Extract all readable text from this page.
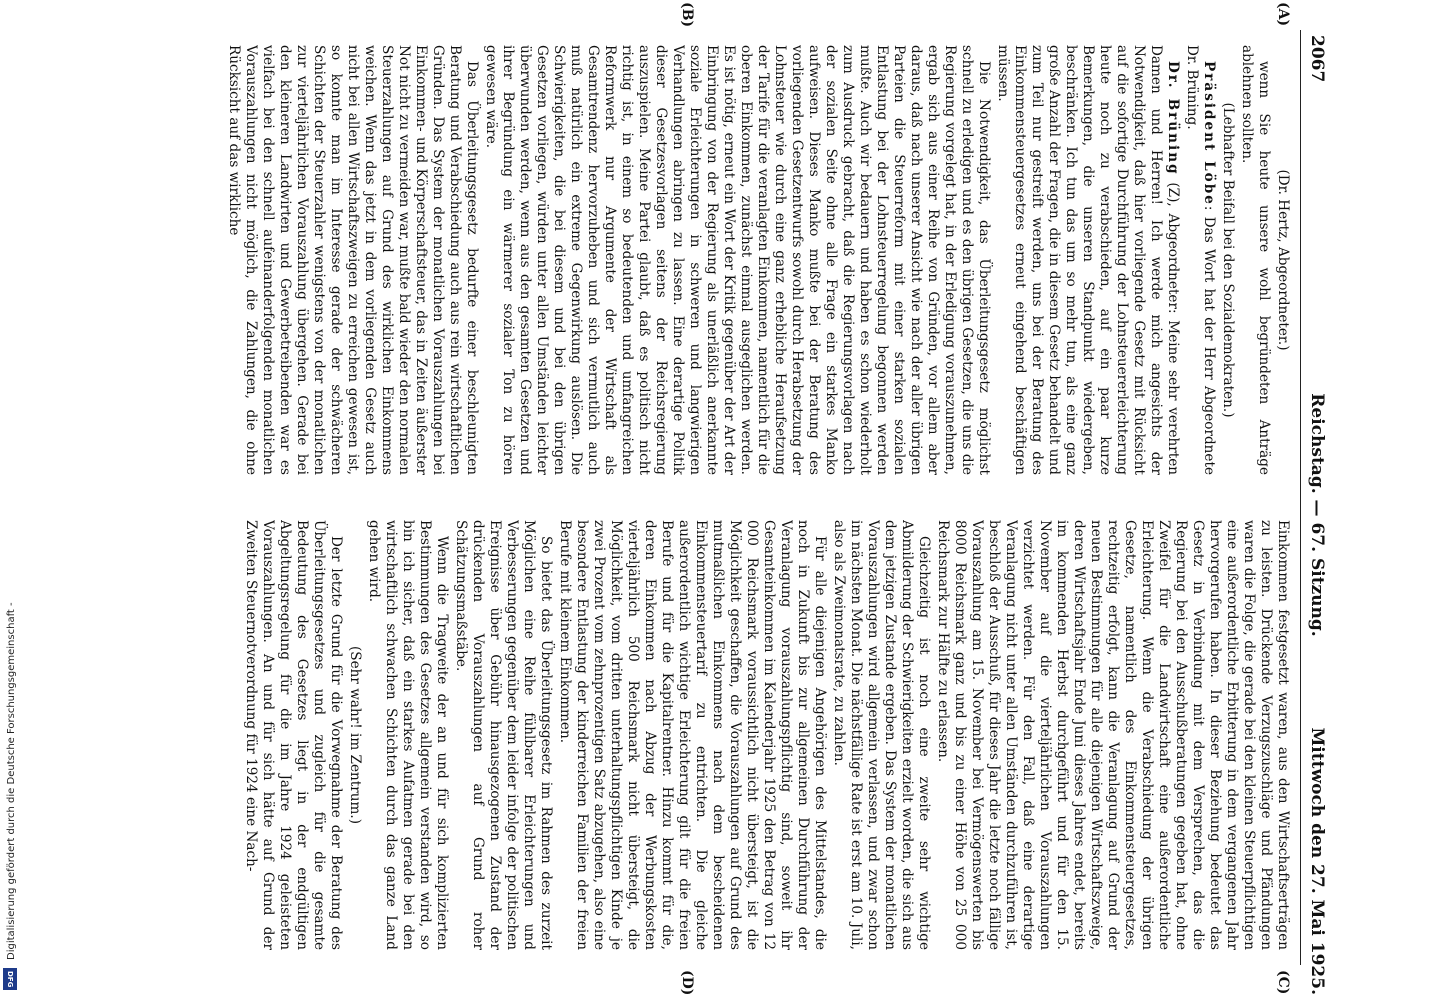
2067
Reichstag. — 67. Sitzung.
Mittwoch den 27. Mai 1925.

(Dr. Hertz, Abgeordneter.)

wenn Sie heute unsere wohl begründeten Anträge ablehnen sollten.

(Lebhafter Beifall bei den Sozialdemokraten.)

Präsident Löbe: Das Wort hat der Herr Abgeordnete Dr. Brüning.

Dr. Brüning (Z), Abgeordneter: Meine sehr verehrten Damen und Herren! Ich werde mich angesichts der Notwendigkeit, daß hier vorliegende Gesetz mit Rücksicht auf die sofortige Durchführung der Lohnsteuererleichterung heute noch zu verabschieden, auf ein paar kurze Bemerkungen, die unseren Standpunkt wiedergeben, beschränken. Ich tun das um so mehr tun, als eine ganz große Anzahl der Fragen, die in diesem Gesetz behandelt und zum Teil nur gestreift werden, uns bei der Beratung des Einkommensteuergesetzes erneut eingehend beschäftigen müssen.

Die Notwendigkeit, das Überleitungsgesetz möglichst schnell zu erledigen und es den übrigen Gesetzen, die uns die Regierung vorgelegt hat, in der Erledigung vorauszunehmen, ergab sich aus einer Reihe von Gründen, vor allem aber daraus, daß nach unserer Ansicht wie nach der aller übrigen Parteien die Steuerreform mit einer starken sozialen Entlastung bei der Lohnsteuerregelung begonnen werden mußte. Auch wir bedauern und haben es schon wiederholt zum Ausdruck gebracht, daß die Regierungsvorlagen nach der sozialen Seite ohne alle Frage ein starkes Manko aufweisen. Dieses Manko mußte bei der Beratung des vorliegenden Gesetzentwurfs sowohl durch Herabsetzung der Lohnsteuer wie durch eine ganz erhebliche Heraufsetzung der Tarife für die veranlagten Einkommen, namentlich für die oberen Einkommen, zunächst einmal ausgeglichen werden. Es ist nötig, erneut ein Wort der Kritik gegenüber der Art der Einbringung von der Regierung als unerläßlich anerkannte soziale Erleichterungen in schweren und langwierigen Verhandlungen abringen zu lassen. Eine derartige Politik dieser Gesetzesvorlagen seitens der Reichsregierung auszuspielen. Meine Partei glaubt, daß es politisch nicht richtig ist, in einem so bedeutenden und umfangreichen Reformwerk nur Argumente der Wirtschaft als Gesamtrendenz hervorzuheben und sich vermutlich auch muß natürlich ein extreme Gegenwirkung auslösen. Die Schwierigkeiten, die bei diesem und bei den übrigen Gesetzen vorliegen, würden unter allen Umständen leichter überwunden werden, wenn aus den gesamten Gesetzen und ihrer Begründung ein wärmerer sozialer Ton zu hören gewesen wäre.

Das Überleitungsgesetz bedurfte einer beschleunigten Beratung und Verabschiedung auch aus rein wirtschaftlichen Gründen. Das System der monatlichen Vorauszahlungen bei Einkommen- und Körperschaftsteuer, das in Zeiten äußerster Not nicht zu vermeiden war, mußte bald wieder den normalen Steuerzahlungen auf Grund des wirklichen Einkommens weichen. Wenn das jetzt in dem vorliegenden Gesetz auch nicht bei allen Wirtschaftszweigen zu erreichen gewesen ist, so konnte man im Interesse gerade der schwächeren Schichten der Steuerzahler wenigstens von der monatlichen zur vierteljährlichen Vorauszahlung übergehen. Gerade bei den kleineren Landwirten und Gewerbetreibenden war es vielfach bei den schnell aufeinanderfolgenden monatlichen Vorauszahlungen nicht möglich, die Zahlungen, die ohne Rücksicht auf das wirkliche

Einkommen festgesetzt waren, aus den Wirtschaftserträgen zu leisten. Drückende Verzugszuschläge und Pfändungen waren die Folge, die gerade bei den kleinen Steuerpflichtigen eine außerordentliche Erbitterung in dem vergangenen Jahr hervorgerufen haben. In dieser Beziehung bedeutet das Gesetz in Verbindung mit dem Versprechen, das die Regierung bei den Ausschußberatungen gegeben hat, ohne Zweifel für die Landwirtschaft eine außerordentliche Erleichterung. Wenn die Verabschiedung der übrigen Gesetze, namentlich des Einkommensteuergesetzes, rechtzeitig erfolgt, kann die Veranlagung auf Grund der neuen Bestimmungen für alle diejenigen Wirtschaftszweige, deren Wirtschaftsjahr Ende Juni dieses Jahres endet, bereits im kommenden Herbst durchgeführt und für den 15. November auf die vierteljährlichen Vorauszahlungen verzichtet werden. Für den Fall, daß eine derartige Veranlagung nicht unter allen Umständen durchzuführen ist, beschloß der Ausschuß, für dieses Jahr die letzte noch fällige Vorauszahlung am 15. November bei Vermögenswerten bis 8000 Reichsmark ganz und bis zu einer Höhe von 25 000 Reichsmark zur Hälfte zu erlassen.

Gleichzeitig ist noch eine zweite sehr wichtige Abmilderung der Schwierigkeiten erzielt worden, die sich aus dem jetzigen Zustande ergeben. Das System der monatlichen Vorauszahlungen wird allgemein verlassen, und zwar schon im nächsten Monat. Die nächstfällige Rate ist erst am 10. Juli, also als Zweimonatsrate, zu zahlen.

Für alle diejenigen Angehörigen des Mittelstandes, die noch in Zukunft bis zur allgemeinen Durchführung der Veranlagung vorauszahlungspflichtig sind, soweit ihr Gesamteinkommen im Kalenderjahr 1925 den Betrag von 12 000 Reichsmark voraussichtlich nicht übersteigt, ist die Möglichkeit geschaffen, die Vorauszahlungen auf Grund des mutmaßlichen Einkommens nach dem bescheidenen Einkommensteuertarif zu entrichten. Die gleiche außerordentlich wichtige Erleichterung gilt für die freien Berufe und für die Kapitalrentner. Hinzu kommt für die, deren Einkommen nach Abzug der Werbungskosten vierteljährlich 500 Reichsmark nicht übersteigt, die Möglichkeit, vom dritten unterhaltungspflichtigen Kinde je zwei Prozent vom zehnprozentigen Satz abzugehen, also eine besondere Entlastung der kinderreichen Familien der freien Berufe mit kleinem Einkommen.

So bietet das Überleitungsgesetz im Rahmen des zurzeit Möglichen eine Reihe fühlbarer Erleichterungen und Verbesserungen gegenüber dem leider infolge der politischen Ereignisse über Gebühr hinausgezogenen Zustand der drückenden Vorauszahlungen auf Grund roher Schätzungsmaßstäbe.

Wenn die Tragweite der an und für sich komplizierten Bestimmungen des Gesetzes allgemein verstanden wird, so bin ich sicher, daß ein starkes Aufatmen gerade bei den wirtschaftlich schwachen Schichten durch das ganze Land gehen wird.

(Sehr wahr! im Zentrum.)

Der letzte Grund für die Vorwegnahme der Beratung des Überleitungsgesetzes und zugleich für die gesamte Bedeutung des Gesetzes liegt in der endgültigen Abgeltungsregelung für die im Jahre 1924 geleisteten Vorauszahlungen. An und für sich hätte auf Grund der Zweiten Steuernotverordnung für 1924 eine Nach-

(A)
(B)
(C)
(D)
Digitalisierung gefördert durch die Deutsche Forschungsgemeinschaft -
DFG
